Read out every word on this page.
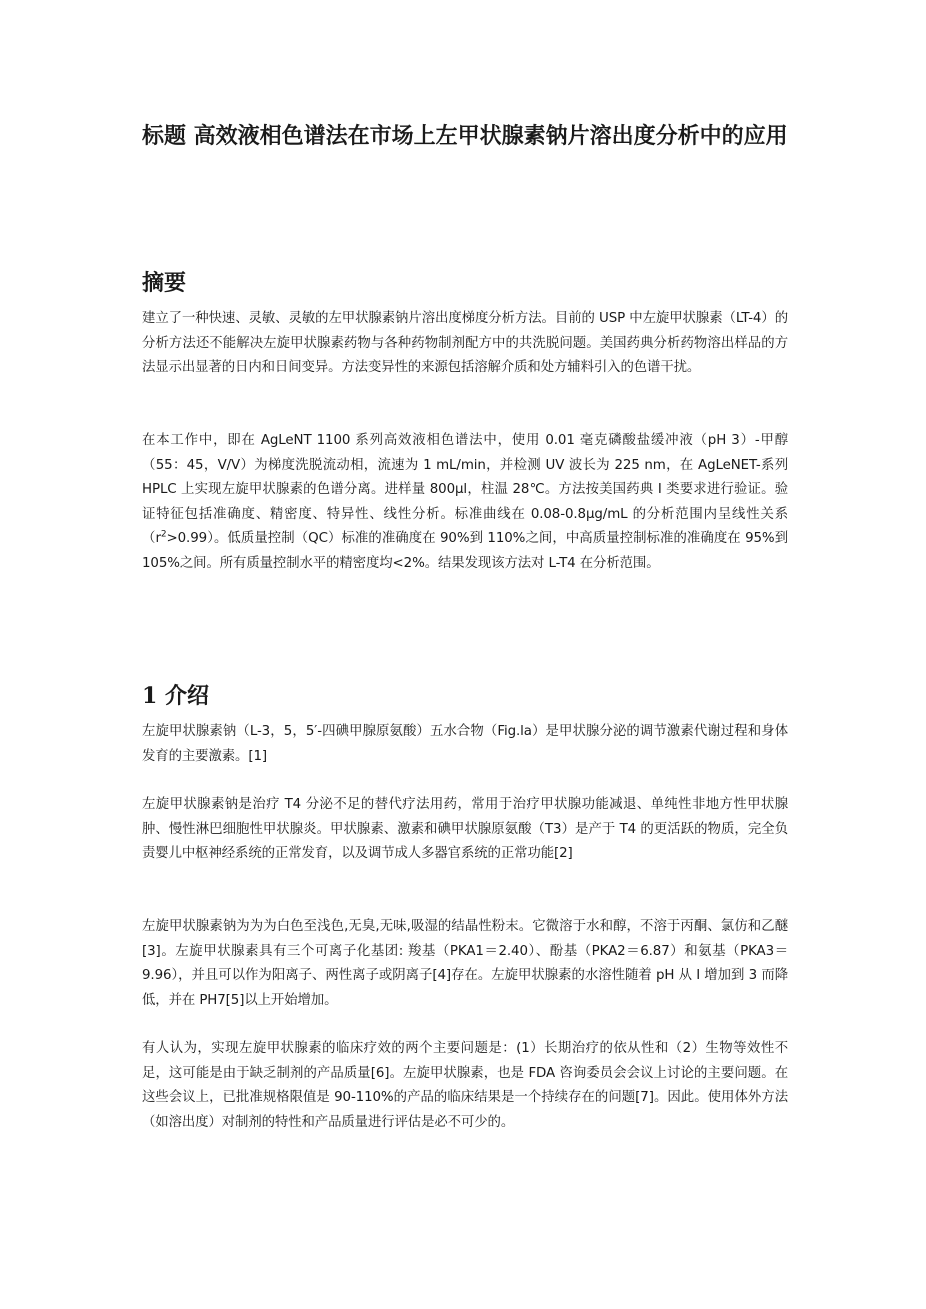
标题 高效液相色谱法在市场上左甲状腺素钠片溶出度分析中的应用
摘要

建立了一种快速、灵敏、灵敏的左甲状腺素钠片溶出度梯度分析方法。目前的 USP 中左旋甲状腺素（LT-4）的分析方法还不能解决左旋甲状腺素药物与各种药物制剂配方中的共洗脱问题。美国药典分析药物溶出样品的方法显示出显著的日内和日间变异。方法变异性的来源包括溶解介质和处方辅料引入的色谱干扰。

在本工作中，即在 AgLeNT 1100 系列高效液相色谱法中，使用 0.01 毫克磷酸盐缓冲液（pH 3）-甲醇（55：45，V/V）为梯度洗脱流动相，流速为 1 mL/min，并检测 UV 波长为 225 nm，在 AgLeNET-系列 HPLC 上实现左旋甲状腺素的色谱分离。进样量 800μl，柱温 28℃。方法按美国药典 I 类要求进行验证。验证特征包括准确度、精密度、特异性、线性分析。标准曲线在 0.08-0.8μg/mL 的分析范围内呈线性关系$(r^2>0.99)$。低质量控制（QC）标准的准确度在 90%到 110%之间，中高质量控制标准的准确度在 95%到 105%之间。所有质量控制水平的精密度均<2%。结果发现该方法对 L-T4 在分析范围。

1 介绍

左旋甲状腺素钠（L-3，5，5′-四碘甲腺原氨酸）五水合物（Fig.la）是甲状腺分泌的调节激素代谢过程和身体发育的主要激素。[1]

左旋甲状腺素钠是治疗 T4 分泌不足的替代疗法用药，常用于治疗甲状腺功能减退、单纯性非地方性甲状腺肿、慢性淋巴细胞性甲状腺炎。甲状腺素、激素和碘甲状腺原氨酸（T3）是产于 T4 的更活跃的物质，完全负责婴儿中枢神经系统的正常发育，以及调节成人多器官系统的正常功能[2]

左旋甲状腺素钠为为为白色至浅色,无臭,无味,吸湿的结晶性粉末。它微溶于水和醇，不溶于丙酮、氯仿和乙醚[3]。左旋甲状腺素具有三个可离子化基团: 羧基（PKA1＝2.40）、酚基（PKA2＝6.87）和氨基（PKA3＝9.96），并且可以作为阳离子、两性离子或阴离子[4]存在。左旋甲状腺素的水溶性随着 pH 从 I 增加到 3 而降低，并在 PH7[5]以上开始增加。

有人认为，实现左旋甲状腺素的临床疗效的两个主要问题是：(1）长期治疗的依从性和（2）生物等效性不足，这可能是由于缺乏制剂的产品质量[6]。左旋甲状腺素，也是 FDA 咨询委员会会议上讨论的主要问题。在这些会议上，已批准规格限值是 90-110%的产品的临床结果是一个持续存在的问题[7]。因此。使用体外方法（如溶出度）对制剂的特性和产品质量进行评估是必不可少的。
